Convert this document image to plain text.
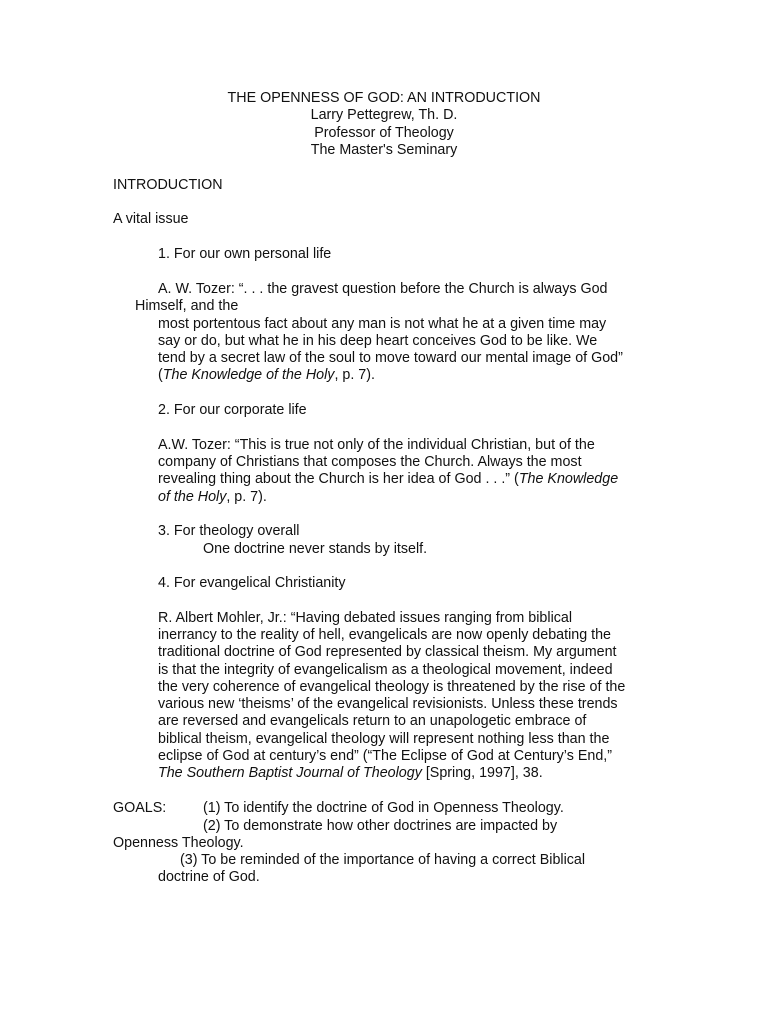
THE OPENNESS OF GOD: AN INTRODUCTION

Larry Pettegrew, Th. D.

Professor of Theology

The Master's Seminary

INTRODUCTION

A vital issue

1. For our own personal life

A. W. Tozer: “. . . the gravest question before the Church is always God

Himself, and the

most portentous fact about any man is not what he at a given time may

say or do, but what he in his deep heart conceives God to be like. We

tend by a secret law of the soul to move toward our mental image of God”

(The Knowledge of the Holy, p. 7).

2. For our corporate life

A.W. Tozer: “This is true not only of the individual Christian, but of the

company of Christians that composes the Church. Always the most

revealing thing about the Church is her idea of God . . .” (The Knowledge

of the Holy, p. 7).

3. For theology overall

One doctrine never stands by itself.

4. For evangelical Christianity

R. Albert Mohler, Jr.: “Having debated issues ranging from biblical

inerrancy to the reality of hell, evangelicals are now openly debating the

traditional doctrine of God represented by classical theism. My argument

is that the integrity of evangelicalism as a theological movement, indeed

the very coherence of evangelical theology is threatened by the rise of the

various new ‘theisms’ of the evangelical revisionists. Unless these trends

are reversed and evangelicals return to an unapologetic embrace of

biblical theism, evangelical theology will represent nothing less than the

eclipse of God at century’s end” (“The Eclipse of God at Century’s End,”

The Southern Baptist Journal of Theology [Spring, 1997], 38.

GOALS:	(1) To identify the doctrine of God in Openness Theology.

(2) To demonstrate how other doctrines are impacted by

Openness Theology.

(3) To be reminded of the importance of having a correct Biblical

doctrine of God.
